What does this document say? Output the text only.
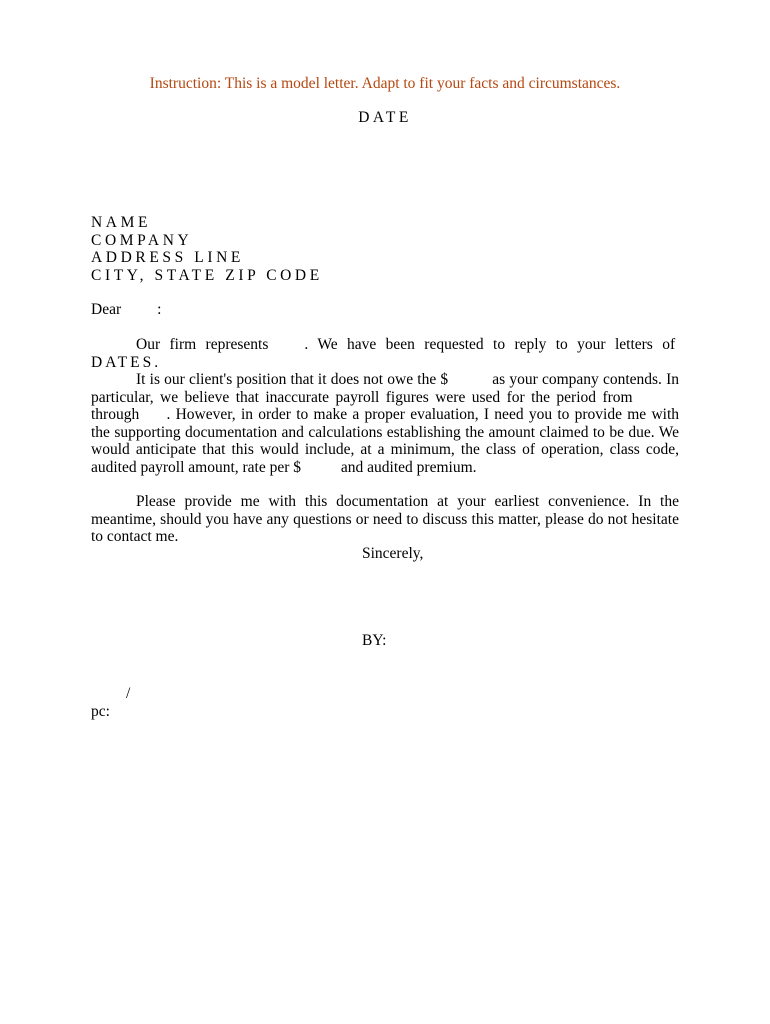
Instruction: This is a model letter. Adapt to fit your facts and circumstances.
DATE
NAME
COMPANY
ADDRESS LINE
CITY, STATE ZIP CODE
Dear :

Our firm represents . We have been requested to reply to your letters of  DATES.

It is our client's position that it does not owe the $	as your company contends. In particular, we believe that inaccurate payroll figures were used for the period from  through . However, in order to make a proper evaluation, I need you to provide me with the supporting documentation and calculations establishing the amount claimed to be due. We would anticipate that this would include, at a minimum, the class of operation, class code, audited payroll amount, rate per $	and audited premium.

Please provide me with this documentation at your earliest convenience. In the meantime, should you have any questions or need to discuss this matter, please do not hesitate to contact me.

Sincerely,
BY:
/
pc:
